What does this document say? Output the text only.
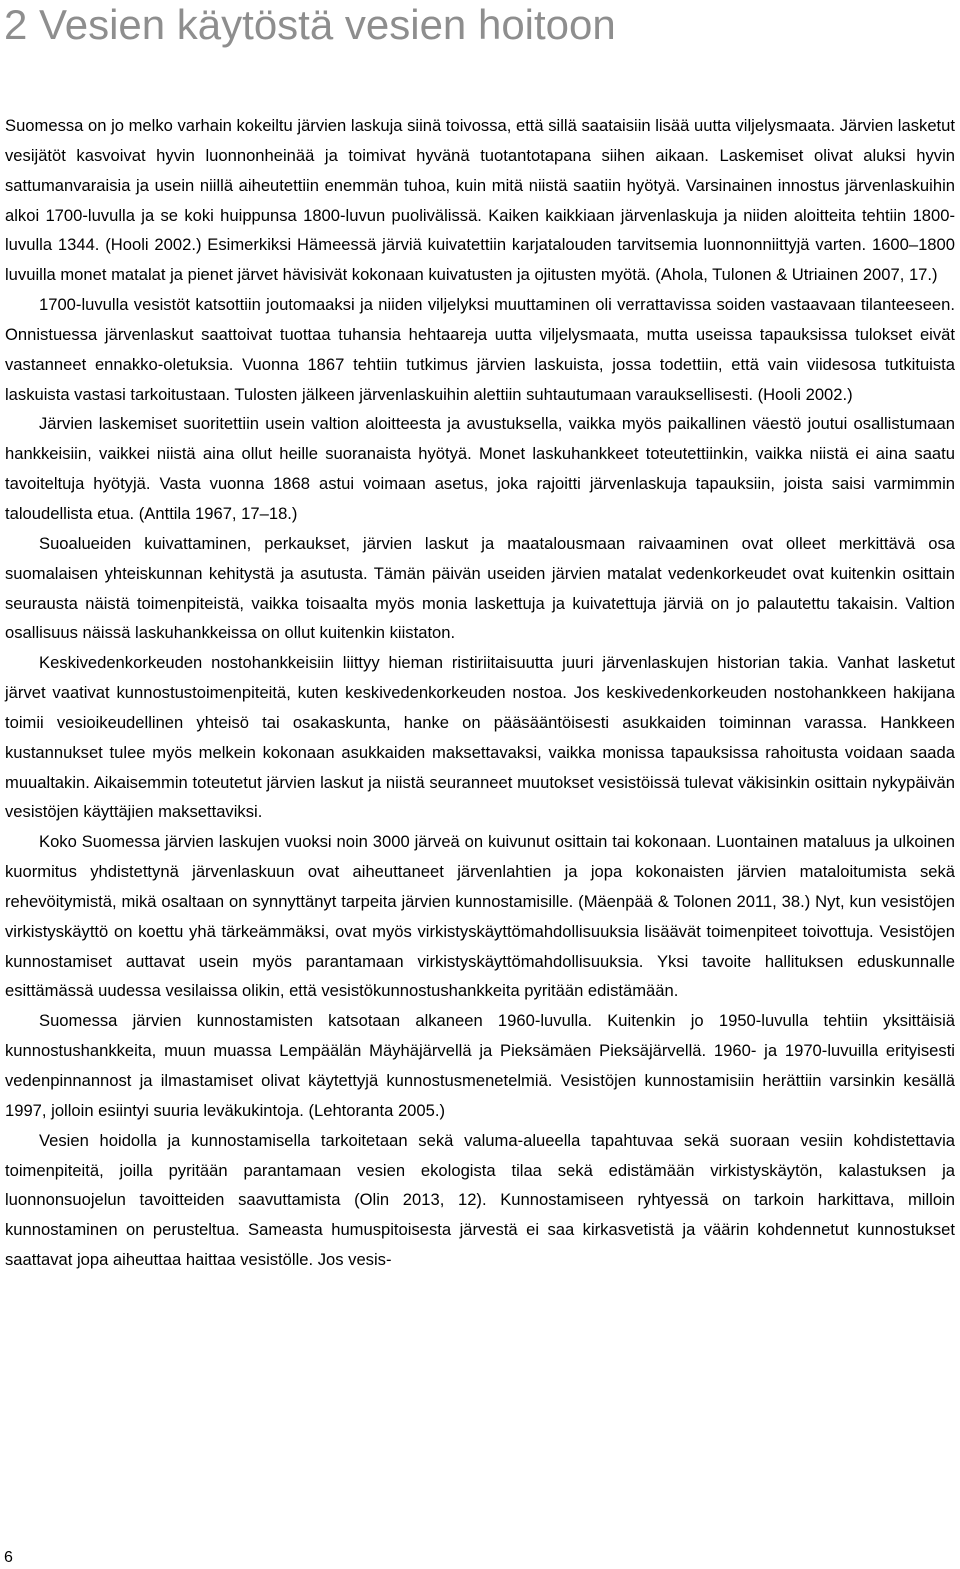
2 Vesien käytöstä vesien hoitoon

Suomessa on jo melko varhain kokeiltu järvien laskuja siinä toivossa, että sillä saataisiin lisää uutta viljelysmaata. Järvien lasketut vesijätöt kasvoivat hyvin luonnonheinää ja toimivat hyvänä tuotantotapana siihen aikaan. Laskemiset olivat aluksi hyvin sattumanvaraisia ja usein niillä aiheutettiin enemmän tuhoa, kuin mitä niistä saatiin hyötyä. Varsinainen innostus järvenlaskuihin alkoi 1700-luvulla ja se koki huippunsa 1800-luvun puolivälissä. Kaiken kaikkiaan järvenlaskuja ja niiden aloitteita tehtiin 1800-luvulla 1344. (Hooli 2002.) Esimerkiksi Hämeessä järviä kuivatettiin karjatalouden tarvitsemia luonnonniittyjä varten. 1600–1800 luvuilla monet matalat ja pienet järvet hävisivät kokonaan kuivatusten ja ojitusten myötä. (Ahola, Tulonen & Utriainen 2007, 17.)

1700-luvulla vesistöt katsottiin joutomaaksi ja niiden viljelyksi muuttaminen oli verrattavissa soiden vastaavaan tilanteeseen. Onnistuessa järvenlaskut saattoivat tuottaa tuhansia hehtaareja uutta viljelysmaata, mutta useissa tapauksissa tulokset eivät vastanneet ennakko-oletuksia. Vuonna 1867 tehtiin tutkimus järvien laskuista, jossa todettiin, että vain viidesosa tutkituista laskuista vastasi tarkoitustaan. Tulosten jälkeen järvenlaskuihin alettiin suhtautumaan varauksellisesti. (Hooli 2002.)

Järvien laskemiset suoritettiin usein valtion aloitteesta ja avustuksella, vaikka myös paikallinen väestö joutui osallistumaan hankkeisiin, vaikkei niistä aina ollut heille suoranaista hyötyä. Monet laskuhankkeet toteutettiinkin, vaikka niistä ei aina saatu tavoiteltuja hyötyjä. Vasta vuonna 1868 astui voimaan asetus, joka rajoitti järvenlaskuja tapauksiin, joista saisi varmimmin taloudellista etua. (Anttila 1967, 17–18.)

Suoalueiden kuivattaminen, perkaukset, järvien laskut ja maatalousmaan raivaaminen ovat olleet merkittävä osa suomalaisen yhteiskunnan kehitystä ja asutusta. Tämän päivän useiden järvien matalat vedenkorkeudet ovat kuitenkin osittain seurausta näistä toimenpiteistä, vaikka toisaalta myös monia laskettuja ja kuivatettuja järviä on jo palautettu takaisin. Valtion osallisuus näissä laskuhankkeissa on ollut kuitenkin kiistaton.

Keskivedenkorkeuden nostohankkeisiin liittyy hieman ristiriitaisuutta juuri järvenlaskujen historian takia. Vanhat lasketut järvet vaativat kunnostustoimenpiteitä, kuten keskivedenkorkeuden nostoa. Jos keskivedenkorkeuden nostohankkeen hakijana toimii vesioikeudellinen yhteisö tai osakaskunta, hanke on pääsääntöisesti asukkaiden toiminnan varassa. Hankkeen kustannukset tulee myös melkein kokonaan asukkaiden maksettavaksi, vaikka monissa tapauksissa rahoitusta voidaan saada muualtakin. Aikaisemmin toteutetut järvien laskut ja niistä seuranneet muutokset vesistöissä tulevat väkisinkin osittain nykypäivän vesistöjen käyttäjien maksettaviksi.

Koko Suomessa järvien laskujen vuoksi noin 3000 järveä on kuivunut osittain tai kokonaan. Luontainen mataluus ja ulkoinen kuormitus yhdistettynä järvenlaskuun ovat aiheuttaneet järvenlahtien ja jopa kokonaisten järvien mataloitumista sekä rehevöitymistä, mikä osaltaan on synnyttänyt tarpeita järvien kunnostamisille. (Mäenpää & Tolonen 2011, 38.) Nyt, kun vesistöjen virkistyskäyttö on koettu yhä tärkeämmäksi, ovat myös virkistyskäyttömahdollisuuksia lisäävät toimenpiteet toivottuja. Vesistöjen kunnostamiset auttavat usein myös parantamaan virkistyskäyttömahdollisuuksia. Yksi tavoite hallituksen eduskunnalle esittämässä uudessa vesilaissa olikin, että vesistökunnostushankkeita pyritään edistämään.

Suomessa järvien kunnostamisten katsotaan alkaneen 1960-luvulla. Kuitenkin jo 1950-luvulla tehtiin yksittäisiä kunnostushankkeita, muun muassa Lempäälän Mäyhäjärvellä ja Pieksämäen Pieksäjärvellä. 1960- ja 1970-luvuilla erityisesti vedenpinnannost ja ilmastamiset olivat käytettyjä kunnostusmenetelmiä. Vesistöjen kunnostamisiin herättiin varsinkin kesällä 1997, jolloin esiintyi suuria leväkukintoja. (Lehtoranta 2005.)

Vesien hoidolla ja kunnostamisella tarkoitetaan sekä valuma-alueella tapahtuvaa sekä suoraan vesiin kohdistettavia toimenpiteitä, joilla pyritään parantamaan vesien ekologista tilaa sekä edistämään virkistyskäytön, kalastuksen ja luonnonsuojelun tavoitteiden saavuttamista (Olin 2013, 12). Kunnostamiseen ryhtyessä on tarkoin harkittava, milloin kunnostaminen on perusteltua. Sameasta humuspitoisesta järvestä ei saa kirkasvetistä ja väärin kohdennetut kunnostukset saattavat jopa aiheuttaa haittaa vesistölle. Jos vesis-

6
